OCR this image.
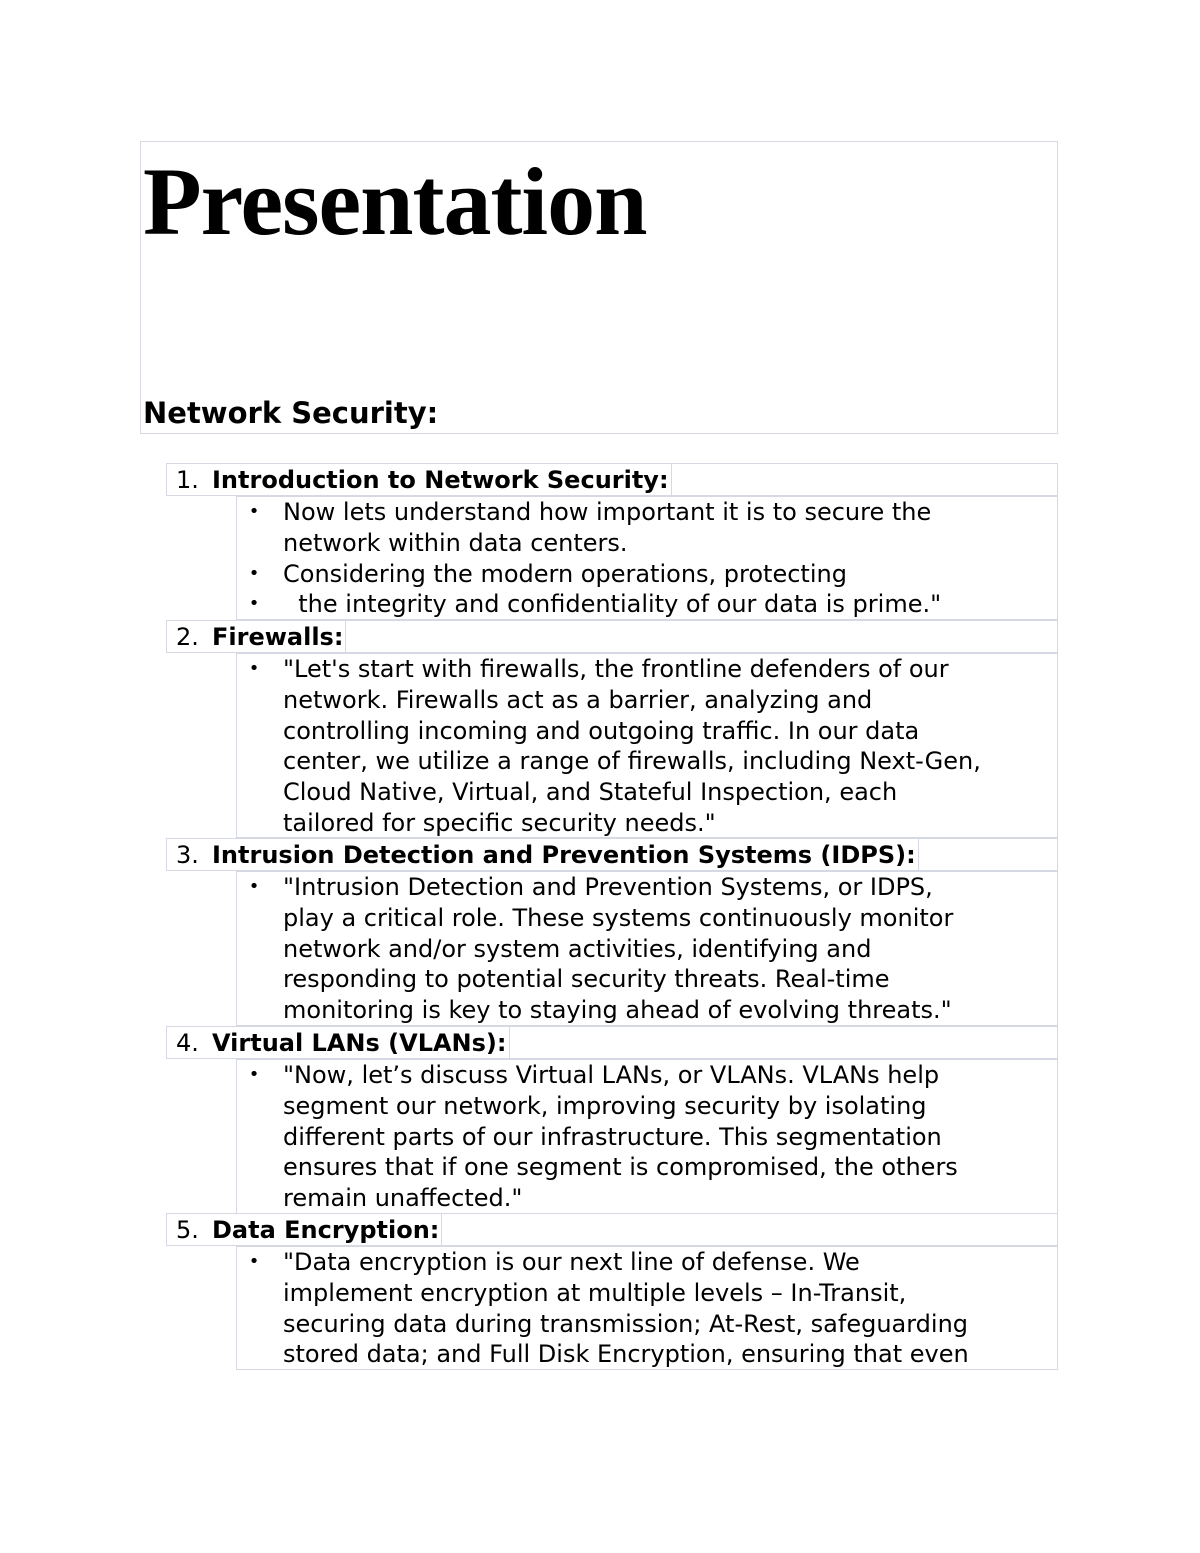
Presentation
Network Security:
1. Introduction to Network Security:
• Now lets understand how important it is to secure the
network within data centers.
• Considering the modern operations, protecting
• the integrity and confidentiality of our data is prime."
2. Firewalls:
• "Let's start with firewalls, the frontline defenders of our
network. Firewalls act as a barrier, analyzing and
controlling incoming and outgoing traffic. In our data
center, we utilize a range of firewalls, including Next-Gen,
Cloud Native, Virtual, and Stateful Inspection, each
tailored for specific security needs."
3. Intrusion Detection and Prevention Systems (IDPS):
• "Intrusion Detection and Prevention Systems, or IDPS,
play a critical role. These systems continuously monitor
network and/or system activities, identifying and
responding to potential security threats. Real-time
monitoring is key to staying ahead of evolving threats."
4. Virtual LANs (VLANs):
• "Now, let’s discuss Virtual LANs, or VLANs. VLANs help
segment our network, improving security by isolating
different parts of our infrastructure. This segmentation
ensures that if one segment is compromised, the others
remain unaffected."
5. Data Encryption:
• "Data encryption is our next line of defense. We
implement encryption at multiple levels – In-Transit,
securing data during transmission; At-Rest, safeguarding
stored data; and Full Disk Encryption, ensuring that even
